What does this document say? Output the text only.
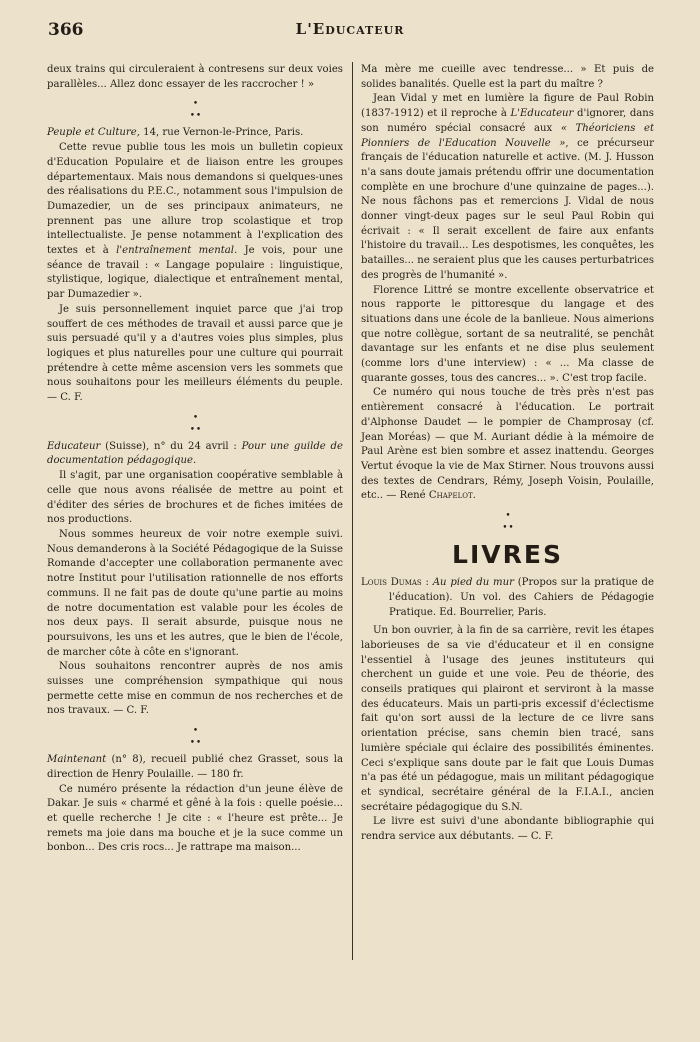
366	L'Educateur

deux trains qui circuleraient à contresens sur deux voies parallèles... Allez donc essayer de les raccrocher ! »

•
• •

Peuple et Culture, 14, rue Vernon-le-Prince, Paris.

Cette revue publie tous les mois un bulletin copieux d'Education Populaire et de liaison entre les groupes départementaux. Mais nous demandons si quelques-unes des réalisations du P.E.C., notamment sous l'impulsion de Dumazedier, un de ses principaux animateurs, ne prennent pas une allure trop scolastique et trop intellectualiste. Je pense notamment à l'explication des textes et à l'entraînement mental. Je vois, pour une séance de travail : « Langage populaire : linguistique, stylistique, logique, dialectique et entraînement mental, par Dumazedier ».

Je suis personnellement inquiet parce que j'ai trop souffert de ces méthodes de travail et aussi parce que je suis persuadé qu'il y a d'autres voies plus simples, plus logiques et plus naturelles pour une culture qui pourrait prétendre à cette même ascension vers les sommets que nous souhaitons pour les meilleurs éléments du peuple. — C. F.

•
• •

Educateur (Suisse), n° du 24 avril : Pour une guilde de documentation pédagogique.

Il s'agit, par une organisation coopérative semblable à celle que nous avons réalisée de mettre au point et d'éditer des séries de brochures et de fiches imitées de nos productions.

Nous sommes heureux de voir notre exemple suivi. Nous demanderons à la Société Pédagogique de la Suisse Romande d'accepter une collaboration permanente avec notre Institut pour l'utilisation rationnelle de nos efforts communs. Il ne fait pas de doute qu'une partie au moins de notre documentation est valable pour les écoles de nos deux pays. Il serait absurde, puisque nous ne poursuivons, les uns et les autres, que le bien de l'école, de marcher côte à côte en s'ignorant.

Nous souhaitons rencontrer auprès de nos amis suisses une compréhension sympathique qui nous permette cette mise en commun de nos recherches et de nos travaux. — C. F.

•
• •

Maintenant (n° 8), recueil publié chez Grasset, sous la direction de Henry Poulaille. — 180 fr.

Ce numéro présente la rédaction d'un jeune élève de Dakar. Je suis « charmé et gêné à la fois : quelle poésie... et quelle recherche ! Je cite : « l'heure est prête... Je remets ma joie dans ma bouche et je la suce comme un bonbon... Des cris rocs... Je rattrape ma maison...

Ma mère me cueille avec tendresse... » Et puis de solides banalités. Quelle est la part du maître ?

Jean Vidal y met en lumière la figure de Paul Robin (1837-1912) et il reproche à L'Educateur d'ignorer, dans son numéro spécial consacré aux « Théoriciens et Pionniers de l'Education Nouvelle », ce précurseur français de l'éducation naturelle et active. (M. J. Husson n'a sans doute jamais prétendu offrir une documentation complète en une brochure d'une quinzaine de pages...). Ne nous fâchons pas et remercions J. Vidal de nous donner vingt-deux pages sur le seul Paul Robin qui écrivait : « Il serait excellent de faire aux enfants l'histoire du travail... Les despotismes, les conquêtes, les batailles... ne seraient plus que les causes perturbatrices des progrès de l'humanité ».

Florence Littré se montre excellente observatrice et nous rapporte le pittoresque du langage et des situations dans une école de la banlieue. Nous aimerions que notre collègue, sortant de sa neutralité, se penchât davantage sur les enfants et ne dise plus seulement (comme lors d'une interview) : « ... Ma classe de quarante gosses, tous des cancres... ». C'est trop facile.

Ce numéro qui nous touche de très près n'est pas entièrement consacré à l'éducation. Le portrait d'Alphonse Daudet — le pompier de Champrosay (cf. Jean Moréas) — que M. Auriant dédie à la mémoire de Paul Arène est bien sombre et assez inattendu. Georges Vertut évoque la vie de Max Stirner. Nous trouvons aussi des textes de Cendrars, Rémy, Joseph Voisin, Poulaille, etc.. — René Chapelot.

•
• •
LIVRES

Louis Dumas : Au pied du mur (Propos sur la pratique de l'éducation). Un vol. des Cahiers de Pédagogie Pratique. Ed. Bourrelier, Paris.

Un bon ouvrier, à la fin de sa carrière, revit les étapes laborieuses de sa vie d'éducateur et il en consigne l'essentiel à l'usage des jeunes instituteurs qui cherchent un guide et une voie. Peu de théorie, des conseils pratiques qui plairont et serviront à la masse des éducateurs. Mais un parti-pris excessif d'éclectisme fait qu'on sort aussi de la lecture de ce livre sans orientation précise, sans chemin bien tracé, sans lumière spéciale qui éclaire des possibilités éminentes. Ceci s'explique sans doute par le fait que Louis Dumas n'a pas été un pédagogue, mais un militant pédagogique et syndical, secrétaire général de la F.I.A.I., ancien secrétaire pédagogique du S.N.

Le livre est suivi d'une abondante bibliographie qui rendra service aux débutants. — C. F.
